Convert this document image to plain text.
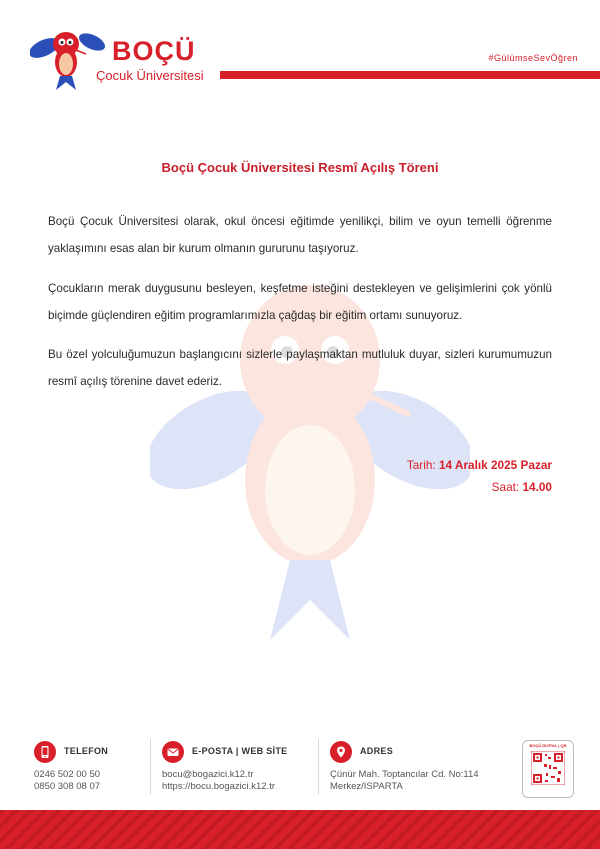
BOÇÜ
Çocuk Üniversitesi
#GülümseSevÖğren
Boçü Çocuk Üniversitesi Resmî Açılış Töreni
Boçü Çocuk Üniversitesi olarak, okul öncesi eğitimde yenilikçi, bilim ve oyun temelli öğrenme yaklaşımını esas alan bir kurum olmanın gururunu taşıyoruz.
Çocukların merak duygusunu besleyen, keşfetme isteğini destekleyen ve gelişimlerini çok yönlü biçimde güçlendiren eğitim programlarımızla çağdaş bir eğitim ortamı sunuyoruz.
Bu özel yolculuğumuzun başlangıcını sizlerle paylaşmaktan mutluluk duyar, sizleri kurumumuzun resmî açılış törenine davet ederiz.
Tarih: 14 Aralık 2025 Pazar
Saat: 14.00
TELEFON
0246 502 00 50
0850 308 08 07
E-POSTA | WEB SİTE
bocu@bogazici.k12.tr
https://bocu.bogazici.k12.tr
ADRES
Çünür Mah. Toptancılar Cd. No:114
Merkez/ISPARTA
BOÇÜ DİJİTAL | QR
